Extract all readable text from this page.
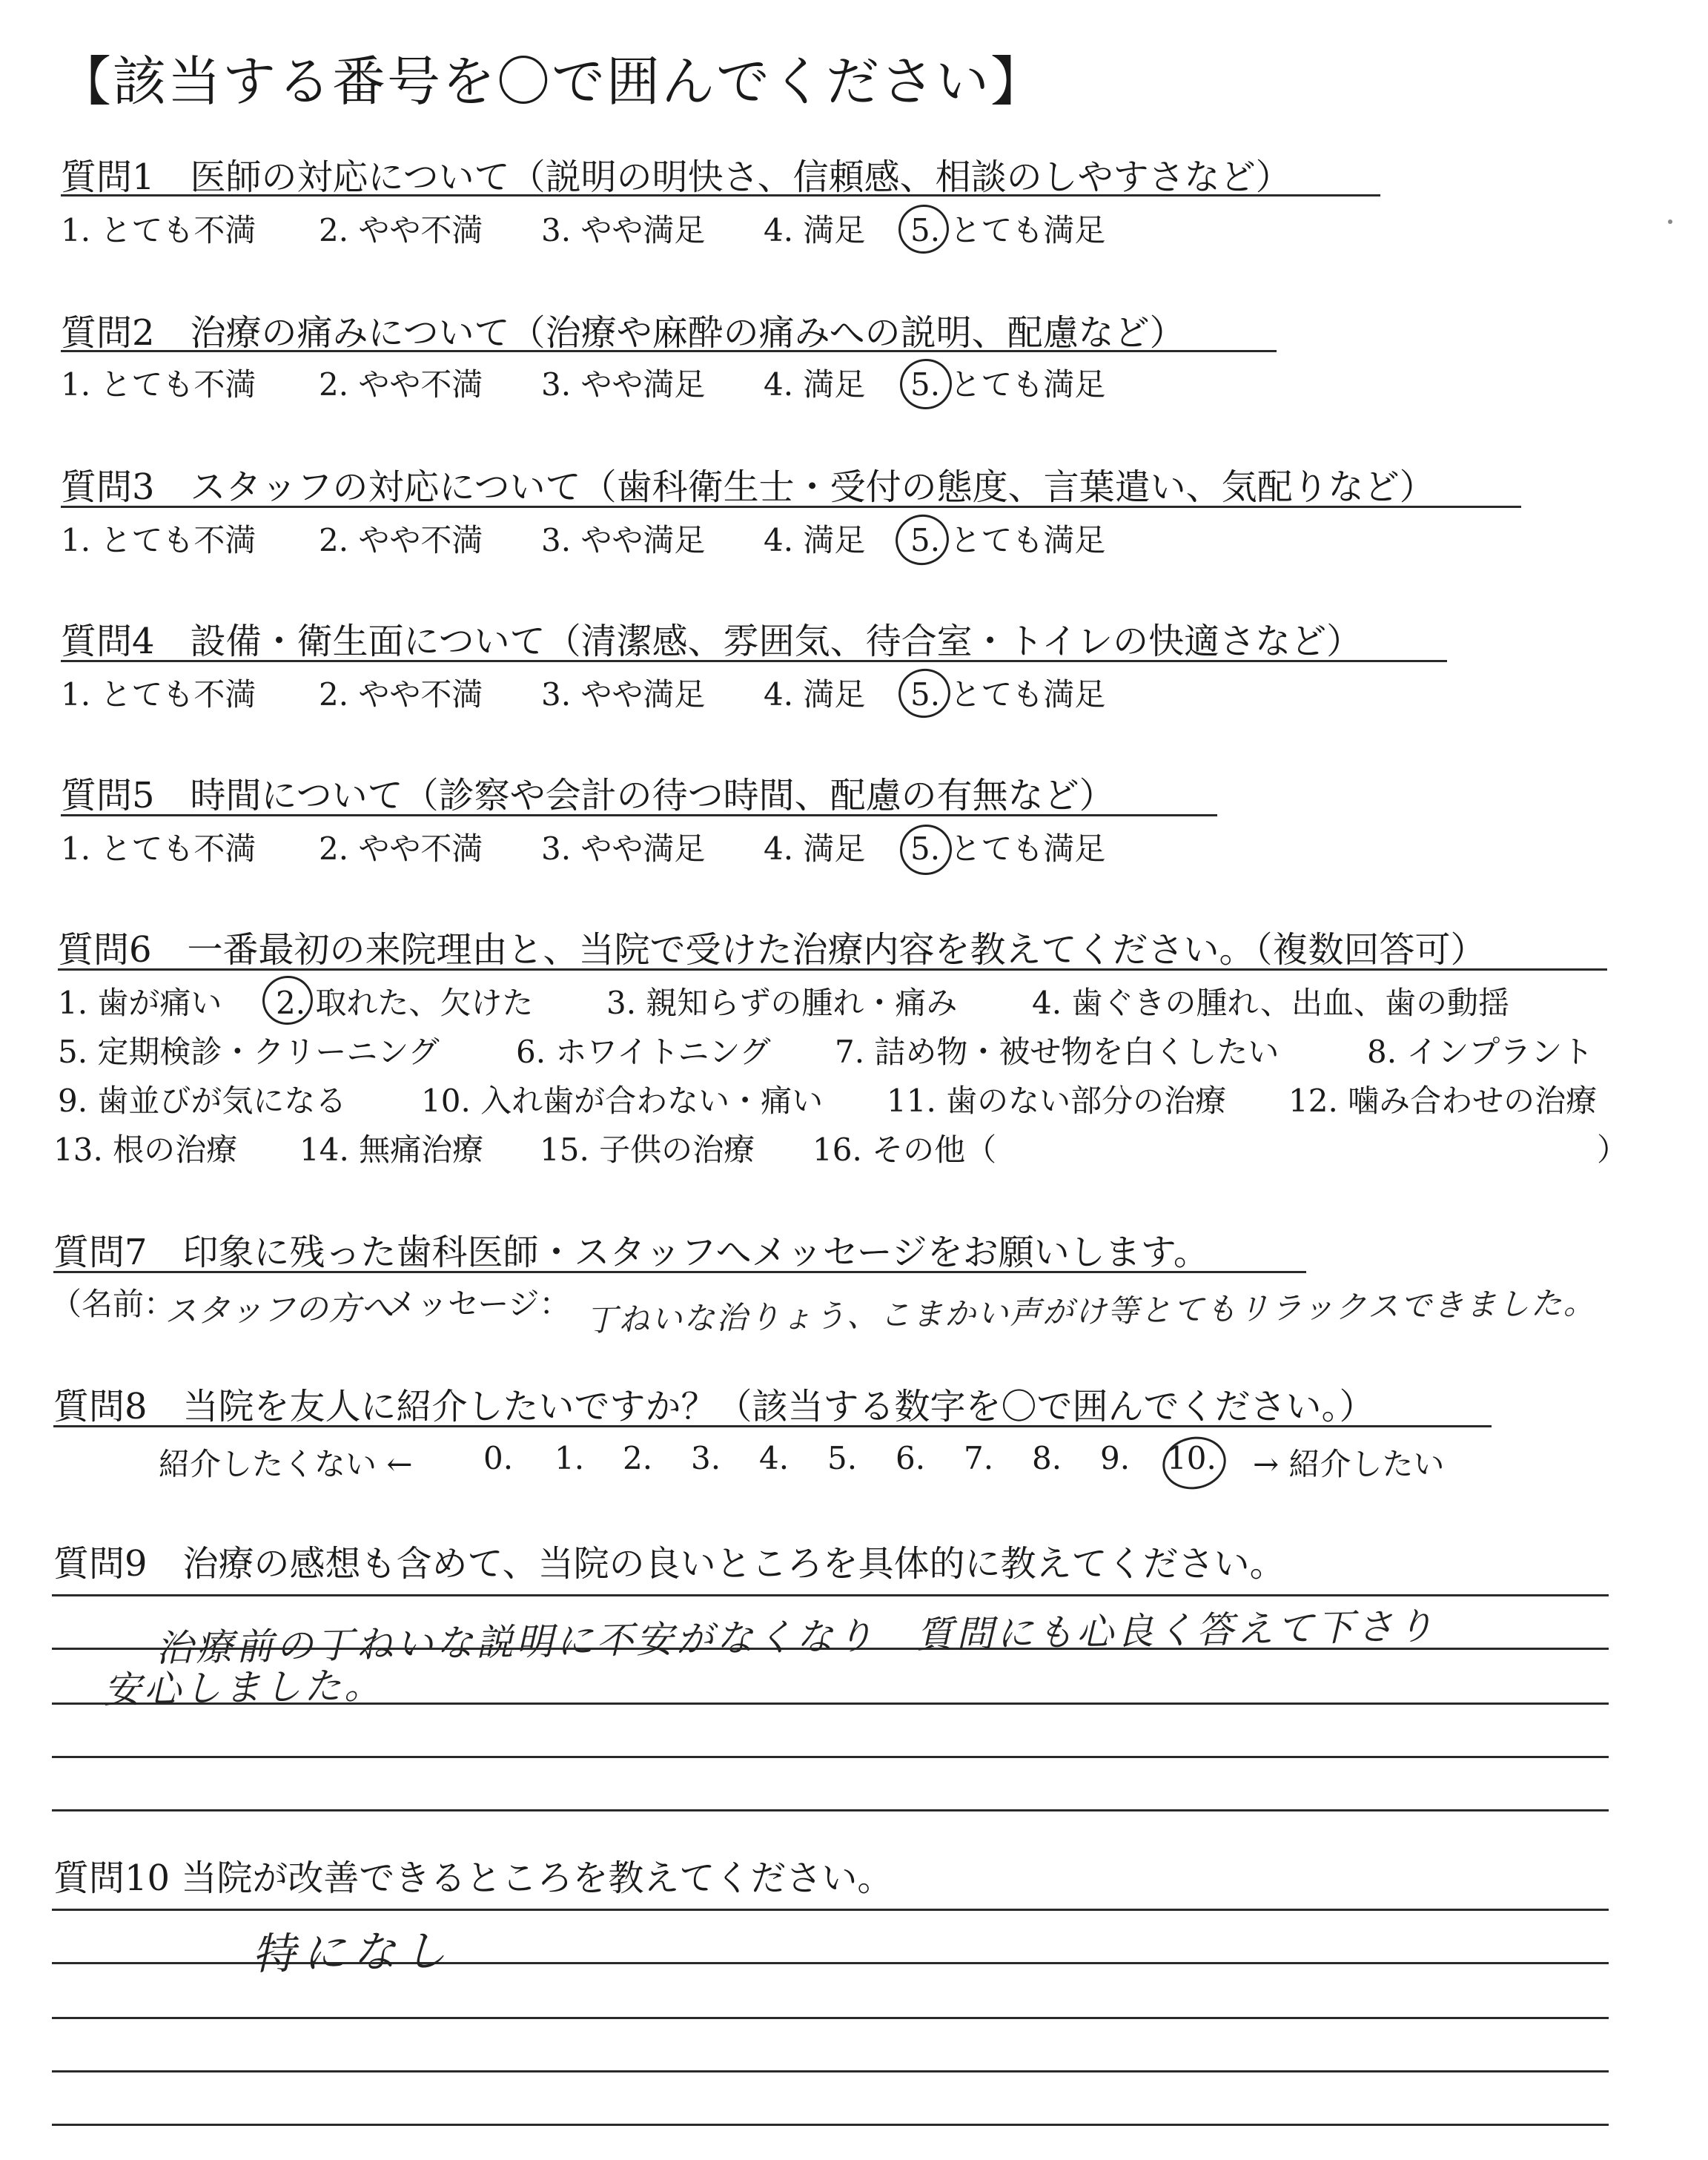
【該当する番号を〇で囲んでください】
質問1　医師の対応について（説明の明快さ、信頼感、相談のしやすさなど）
1. とても不満 2. やや不満 3. やや満足 4. 満足 5. とても満足
質問2　治療の痛みについて（治療や麻酔の痛みへの説明、配慮など）
1. とても不満 2. やや不満 3. やや満足 4. 満足 5. とても満足
質問3　スタッフの対応について（歯科衛生士・受付の態度、言葉遣い、気配りなど）
1. とても不満 2. やや不満 3. やや満足 4. 満足 5. とても満足
質問4　設備・衛生面について（清潔感、雰囲気、待合室・トイレの快適さなど）
1. とても不満 2. やや不満 3. やや満足 4. 満足 5. とても満足
質問5　時間について（診察や会計の待つ時間、配慮の有無など）
1. とても不満 2. やや不満 3. やや満足 4. 満足 5. とても満足
質問6　一番最初の来院理由と、当院で受けた治療内容を教えてください。（複数回答可）
1. 歯が痛い 2. 取れた、欠けた 3. 親知らずの腫れ・痛み 4. 歯ぐきの腫れ、出血、歯の動揺
5. 定期検診・クリーニング 6. ホワイトニング 7. 詰め物・被せ物を白くしたい	8. インプラント
9. 歯並びが気になる 10. 入れ歯が合わない・痛い 11. 歯のない部分の治療 12. 噛み合わせの治療
13. 根の治療 14. 無痛治療 15. 子供の治療 16. その他（	）
質問7　印象に残った歯科医師・スタッフへメッセージをお願いします。
（名前：
スタッフの方へ
メッセージ： 丁ねいな治りょう、こまかい声がけ等とてもリラックスできました。
質問8　当院を友人に紹介したいですか？（該当する数字を〇で囲んでください。）
紹介したくない ← 0. 1. 2. 3. 4. 5. 6. 7. 8. 9. 10. → 紹介したい
質問9　治療の感想も含めて、当院の良いところを具体的に教えてください。
治療前の丁ねいな説明に不安がなくなり　質問にも心良く答えて下さり
安心しました。
質問10 当院が改善できるところを教えてください。
特になし
